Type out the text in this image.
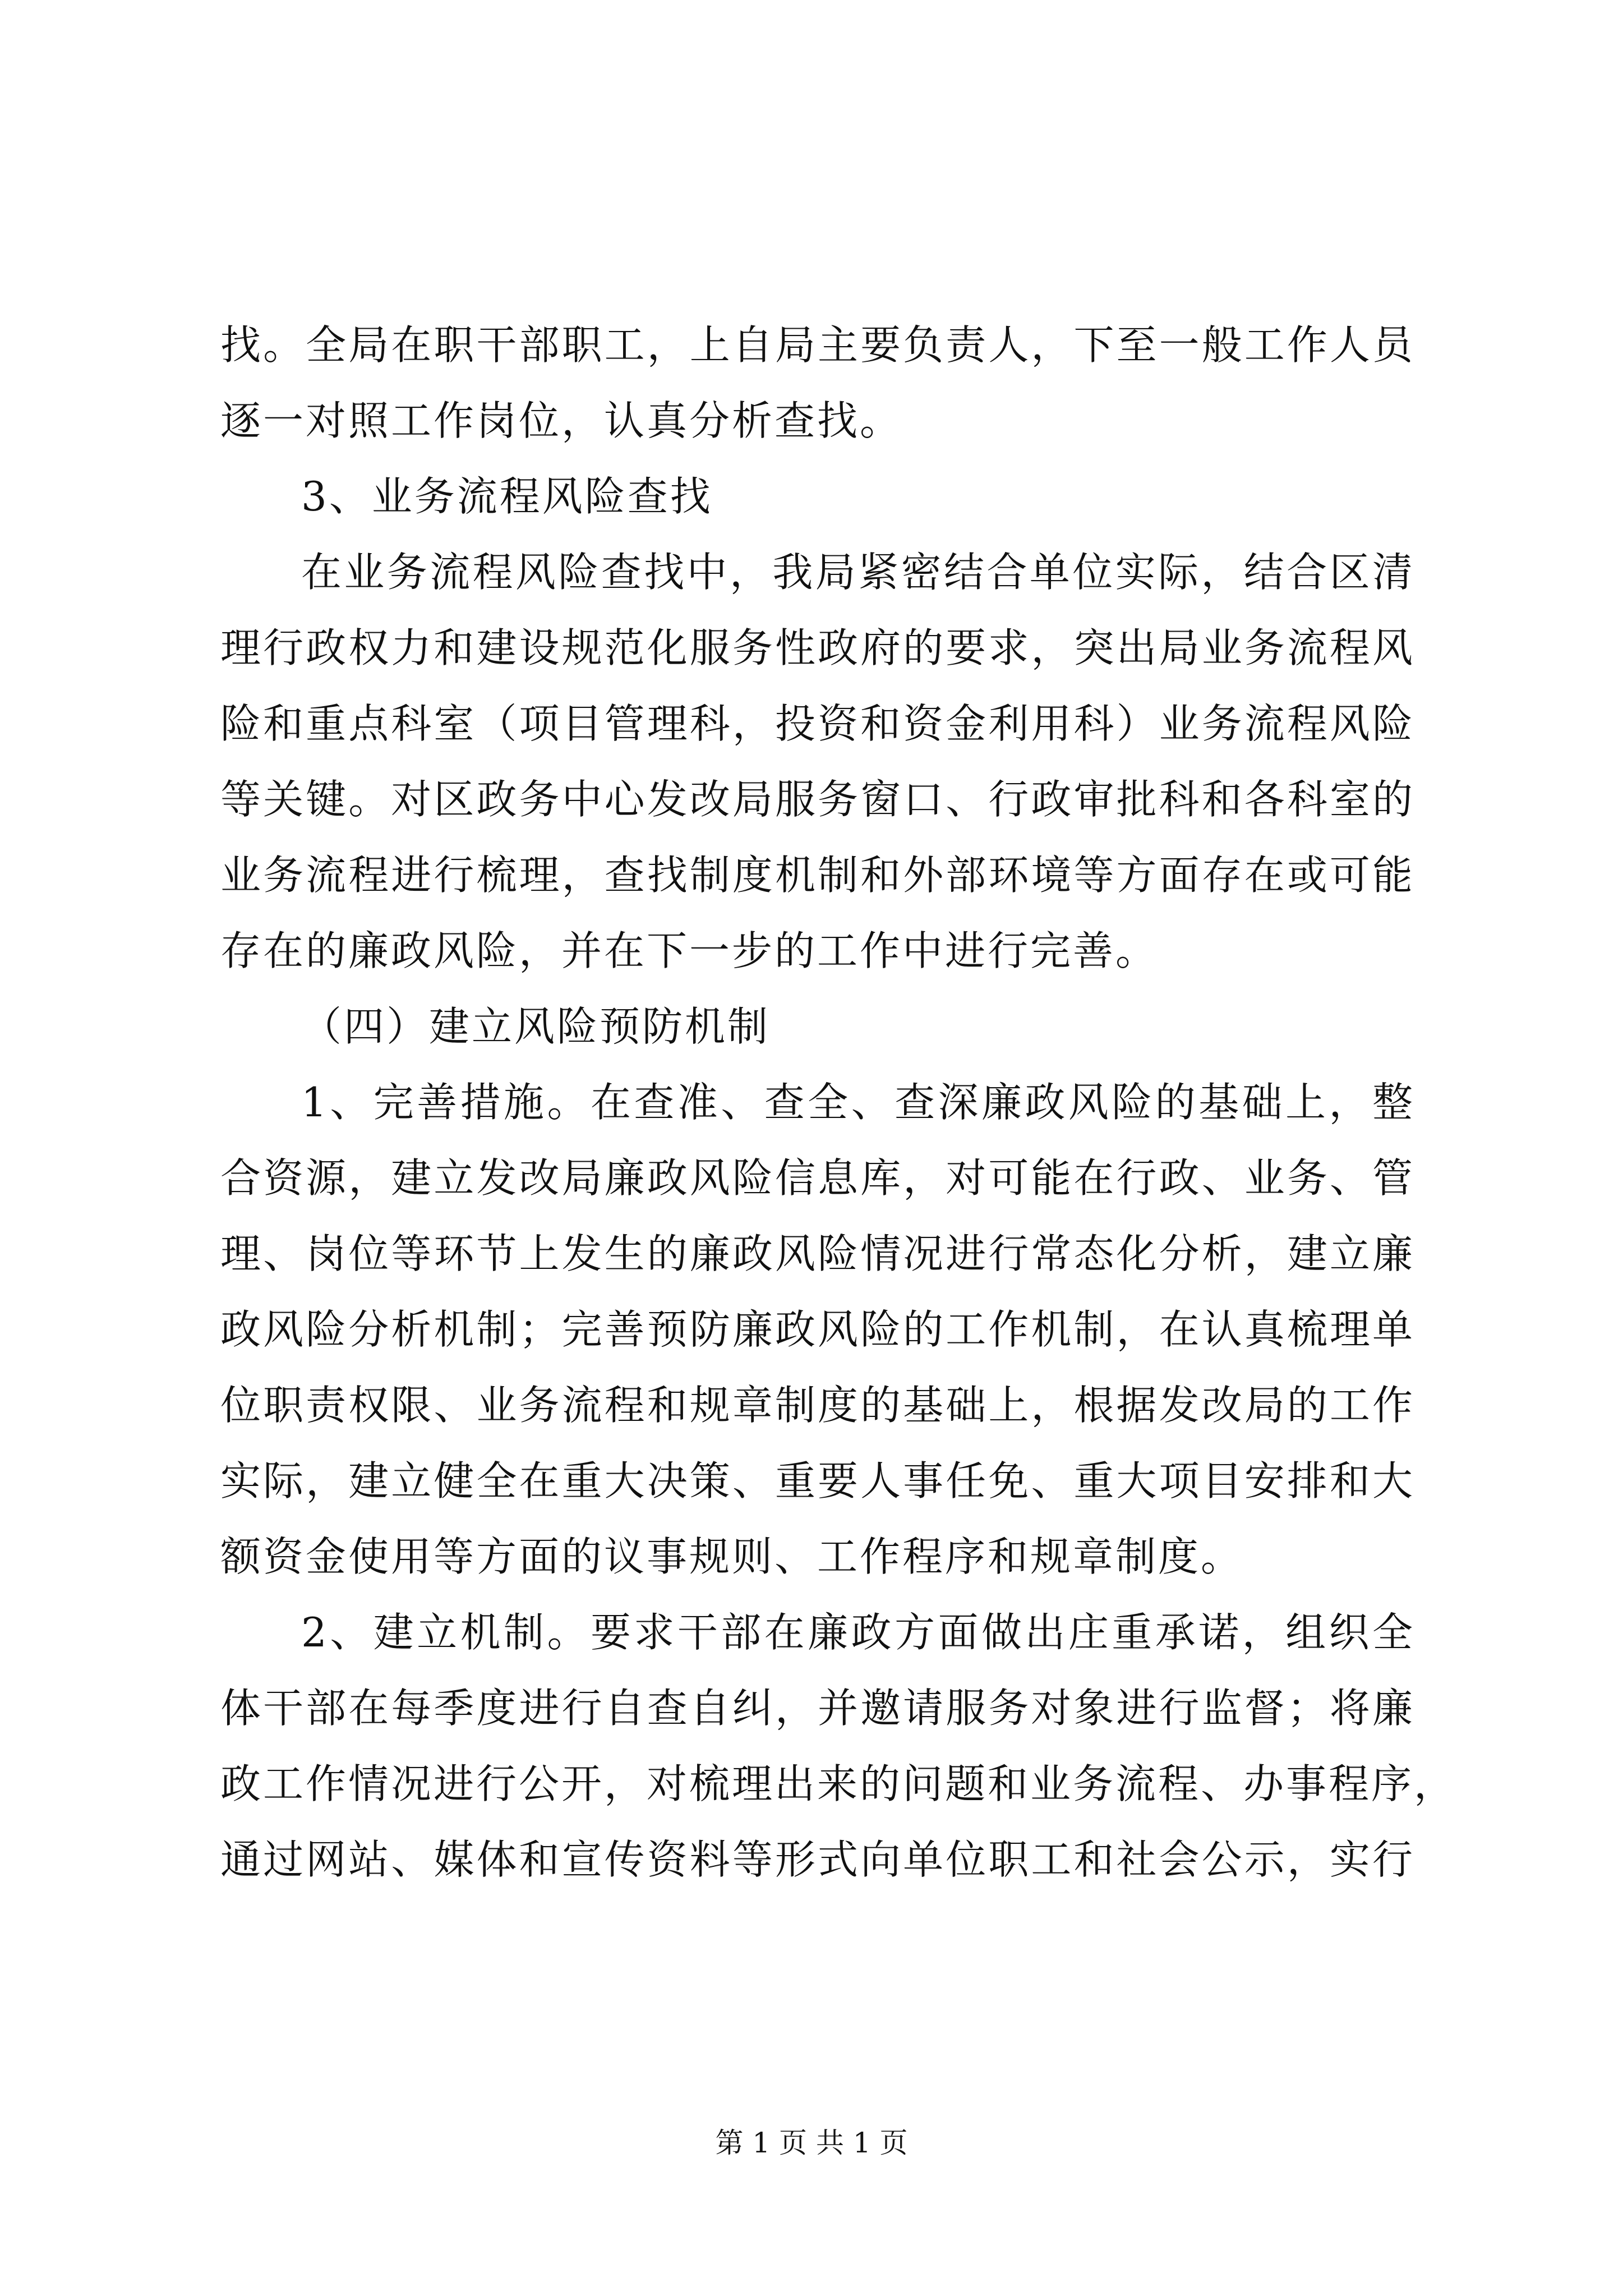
找。全局在职干部职工，上自局主要负责人，下至一般工作人员
逐一对照工作岗位，认真分析查找。
3、业务流程风险查找
在业务流程风险查找中，我局紧密结合单位实际，结合区清
理行政权力和建设规范化服务性政府的要求，突出局业务流程风
险和重点科室（项目管理科，投资和资金利用科）业务流程风险
等关键。对区政务中心发改局服务窗口、行政审批科和各科室的
业务流程进行梳理，查找制度机制和外部环境等方面存在或可能
存在的廉政风险，并在下一步的工作中进行完善。
（四）建立风险预防机制
1、完善措施。在查准、查全、查深廉政风险的基础上，整
合资源，建立发改局廉政风险信息库，对可能在行政、业务、管
理、岗位等环节上发生的廉政风险情况进行常态化分析，建立廉
政风险分析机制；完善预防廉政风险的工作机制，在认真梳理单
位职责权限、业务流程和规章制度的基础上，根据发改局的工作
实际，建立健全在重大决策、重要人事任免、重大项目安排和大
额资金使用等方面的议事规则、工作程序和规章制度。
2、建立机制。要求干部在廉政方面做出庄重承诺，组织全
体干部在每季度进行自查自纠，并邀请服务对象进行监督；将廉
政工作情况进行公开，对梳理出来的问题和业务流程、办事程序，
通过网站、媒体和宣传资料等形式向单位职工和社会公示，实行
第 1 页 共 1 页
